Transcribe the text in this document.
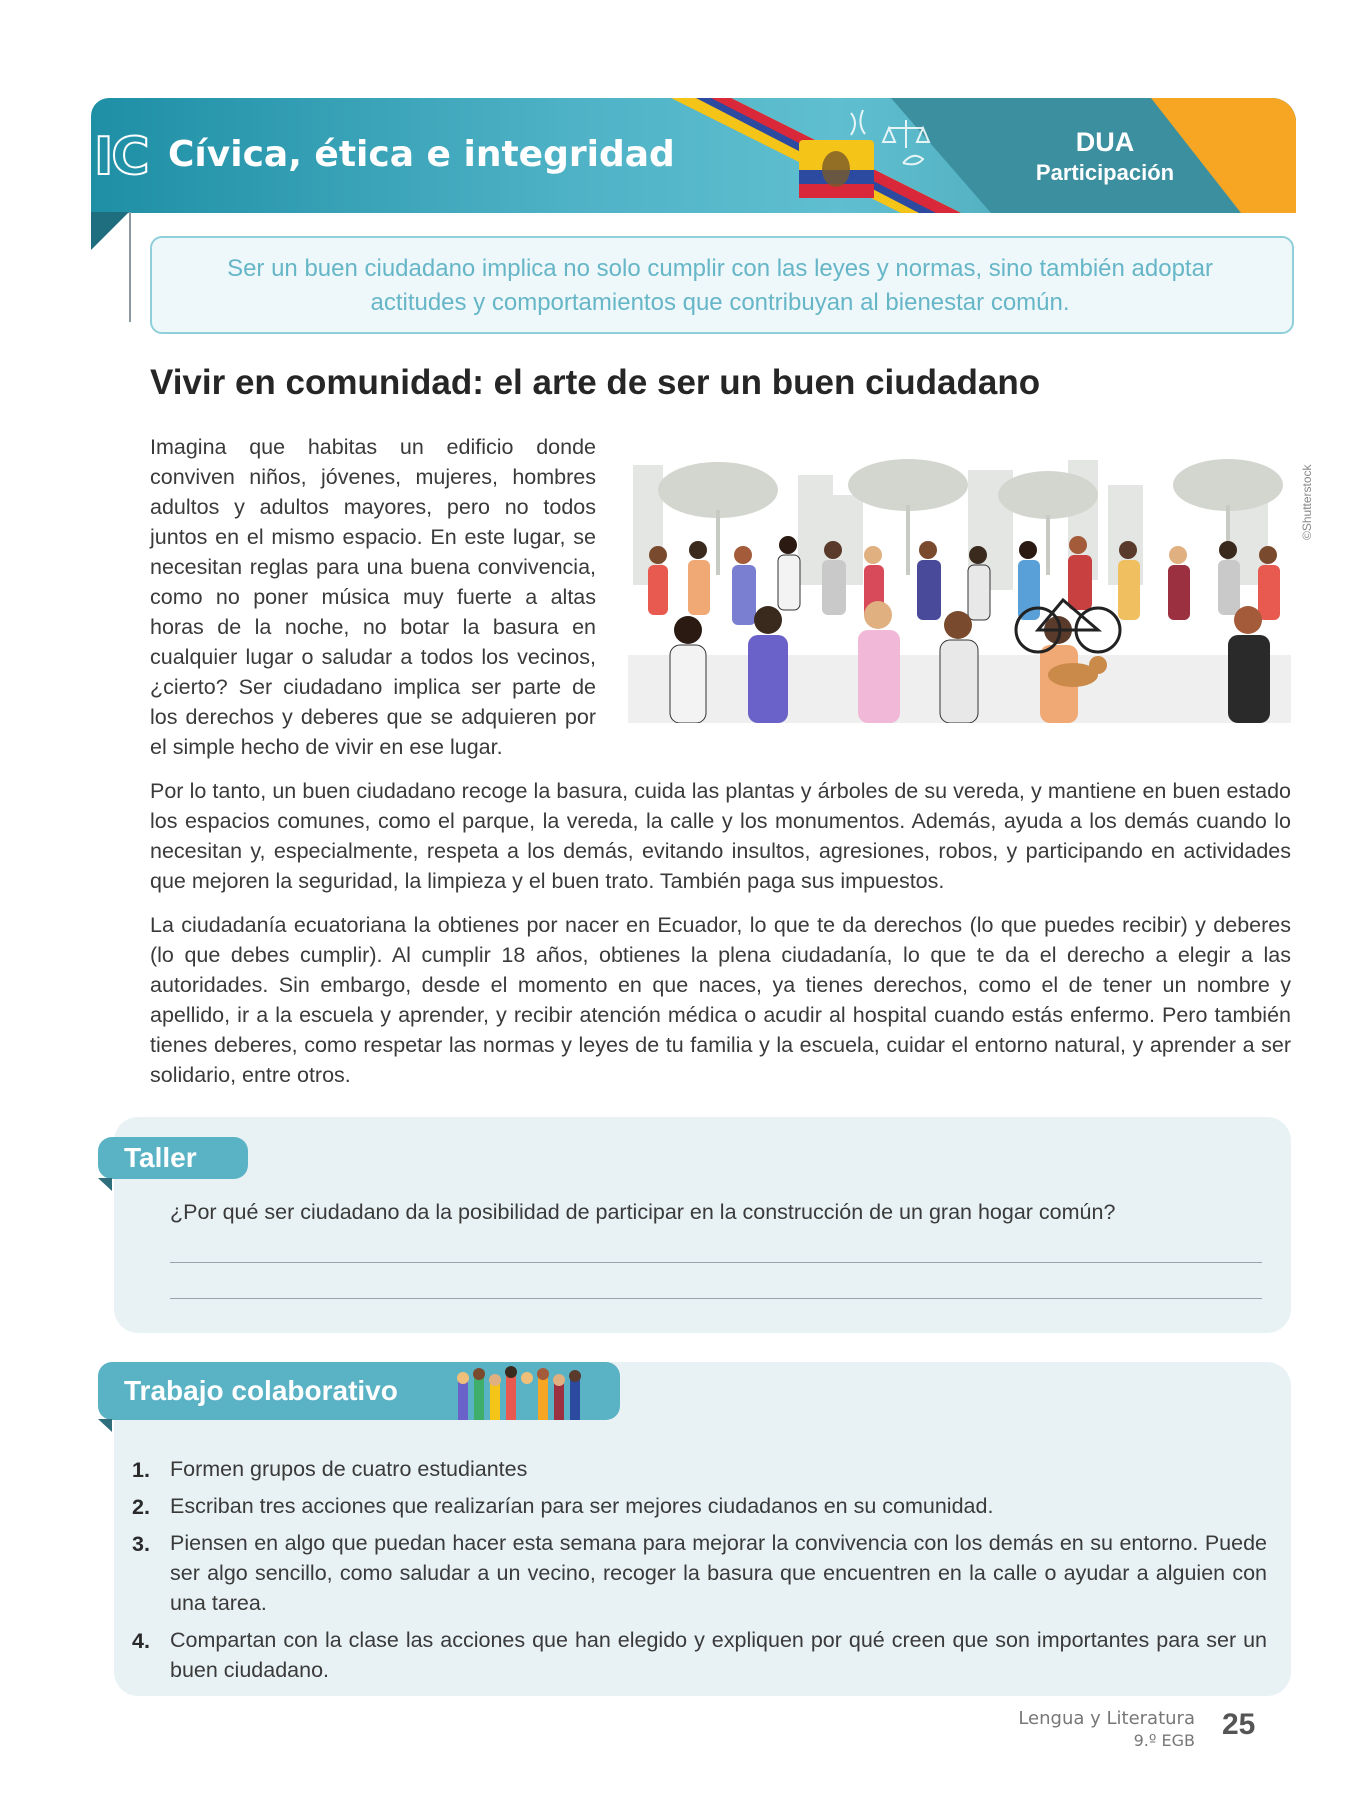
IC Cívica, ética e integridad	DUA
Participación
Ser un buen ciudadano implica no solo cumplir con las leyes y normas, sino también adoptar actitudes y comportamientos que contribuyan al bienestar común.
Vivir en comunidad: el arte de ser un buen ciudadano
Imagina que habitas un edificio donde conviven niños, jóvenes, mujeres, hombres adultos y adultos mayores, pero no todos juntos en el mismo espacio. En este lugar, se necesitan reglas para una buena convivencia, como no poner música muy fuerte a altas horas de la noche, no botar la basura en cualquier lugar o saludar a todos los vecinos, ¿cierto? Ser ciudadano implica ser parte de los derechos y deberes que se adquieren por el simple hecho de vivir en ese lugar.
©Shutterstock
Por lo tanto, un buen ciudadano recoge la basura, cuida las plantas y árboles de su vereda, y mantiene en buen estado los espacios comunes, como el parque, la vereda, la calle y los monumentos. Además, ayuda a los demás cuando lo necesitan y, especialmente, respeta a los demás, evitando insultos, agresiones, robos, y participando en actividades que mejoren la seguridad, la limpieza y el buen trato. También paga sus impuestos.
La ciudadanía ecuatoriana la obtienes por nacer en Ecuador, lo que te da derechos (lo que puedes recibir) y deberes (lo que debes cumplir). Al cumplir 18 años, obtienes la plena ciudadanía, lo que te da el derecho a elegir a las autoridades. Sin embargo, desde el momento en que naces, ya tienes derechos, como el de tener un nombre y apellido, ir a la escuela y aprender, y recibir atención médica o acudir al hospital cuando estás enfermo. Pero también tienes deberes, como respetar las normas y leyes de tu familia y la escuela, cuidar el entorno natural, y aprender a ser solidario, entre otros.
Taller
¿Por qué ser ciudadano da la posibilidad de participar en la construcción de un gran hogar común?
Trabajo colaborativo
1. Formen grupos de cuatro estudiantes
2. Escriban tres acciones que realizarían para ser mejores ciudadanos en su comunidad.
3. Piensen en algo que puedan hacer esta semana para mejorar la convivencia con los demás en su entorno. Puede ser algo sencillo, como saludar a un vecino, recoger la basura que encuentren en la calle o ayudar a alguien con una tarea.
4. Compartan con la clase las acciones que han elegido y expliquen por qué creen que son importantes para ser un buen ciudadano.
Lengua y Literatura
9.º EGB 25
